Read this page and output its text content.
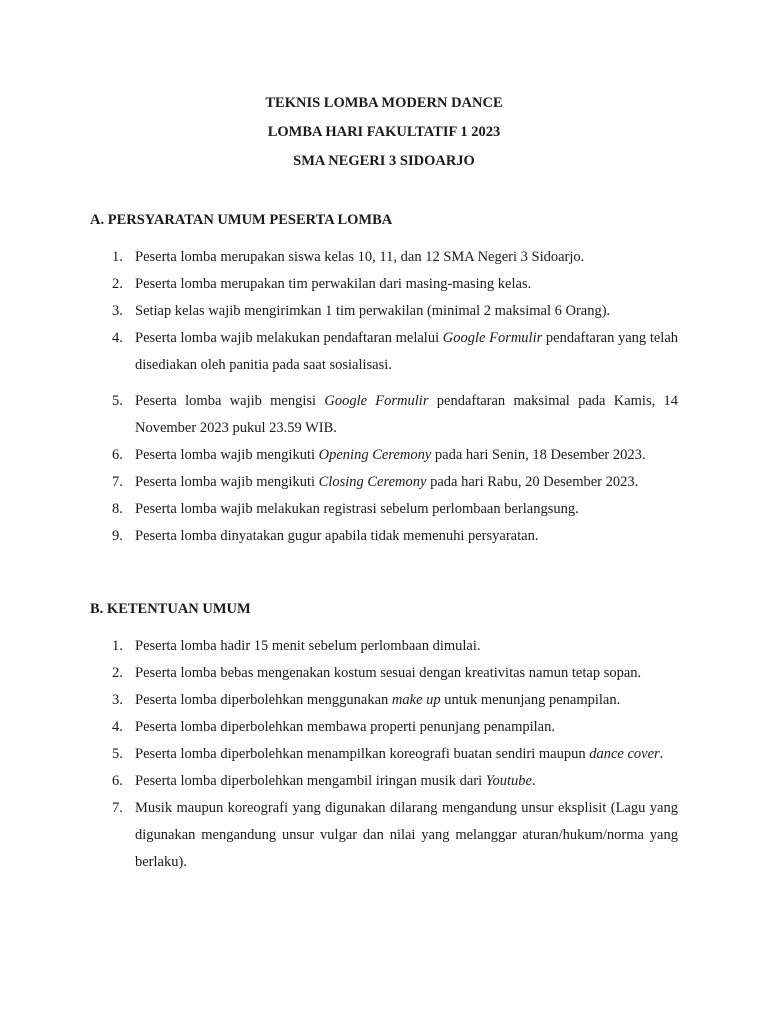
TEKNIS LOMBA MODERN DANCE
LOMBA HARI FAKULTATIF 1 2023
SMA NEGERI 3 SIDOARJO
A. PERSYARATAN UMUM PESERTA LOMBA
1. Peserta lomba merupakan siswa kelas 10, 11, dan 12 SMA Negeri 3 Sidoarjo.
2. Peserta lomba merupakan tim perwakilan dari masing-masing kelas.
3. Setiap kelas wajib mengirimkan 1 tim perwakilan (minimal 2 maksimal 6 Orang).
4. Peserta lomba wajib melakukan pendaftaran melalui Google Formulir pendaftaran yang telah disediakan oleh panitia pada saat sosialisasi.
5. Peserta lomba wajib mengisi Google Formulir pendaftaran maksimal pada Kamis, 14 November 2023 pukul 23.59 WIB.
6. Peserta lomba wajib mengikuti Opening Ceremony pada hari Senin, 18 Desember 2023.
7. Peserta lomba wajib mengikuti Closing Ceremony pada hari Rabu, 20 Desember 2023.
8. Peserta lomba wajib melakukan registrasi sebelum perlombaan berlangsung.
9. Peserta lomba dinyatakan gugur apabila tidak memenuhi persyaratan.
B. KETENTUAN UMUM
1. Peserta lomba hadir 15 menit sebelum perlombaan dimulai.
2. Peserta lomba bebas mengenakan kostum sesuai dengan kreativitas namun tetap sopan.
3. Peserta lomba diperbolehkan menggunakan make up untuk menunjang penampilan.
4. Peserta lomba diperbolehkan membawa properti penunjang penampilan.
5. Peserta lomba diperbolehkan menampilkan koreografi buatan sendiri maupun dance cover.
6. Peserta lomba diperbolehkan mengambil iringan musik dari Youtube.
7. Musik maupun koreografi yang digunakan dilarang mengandung unsur eksplisit (Lagu yang digunakan mengandung unsur vulgar dan nilai yang melanggar aturan/hukum/norma yang berlaku).
